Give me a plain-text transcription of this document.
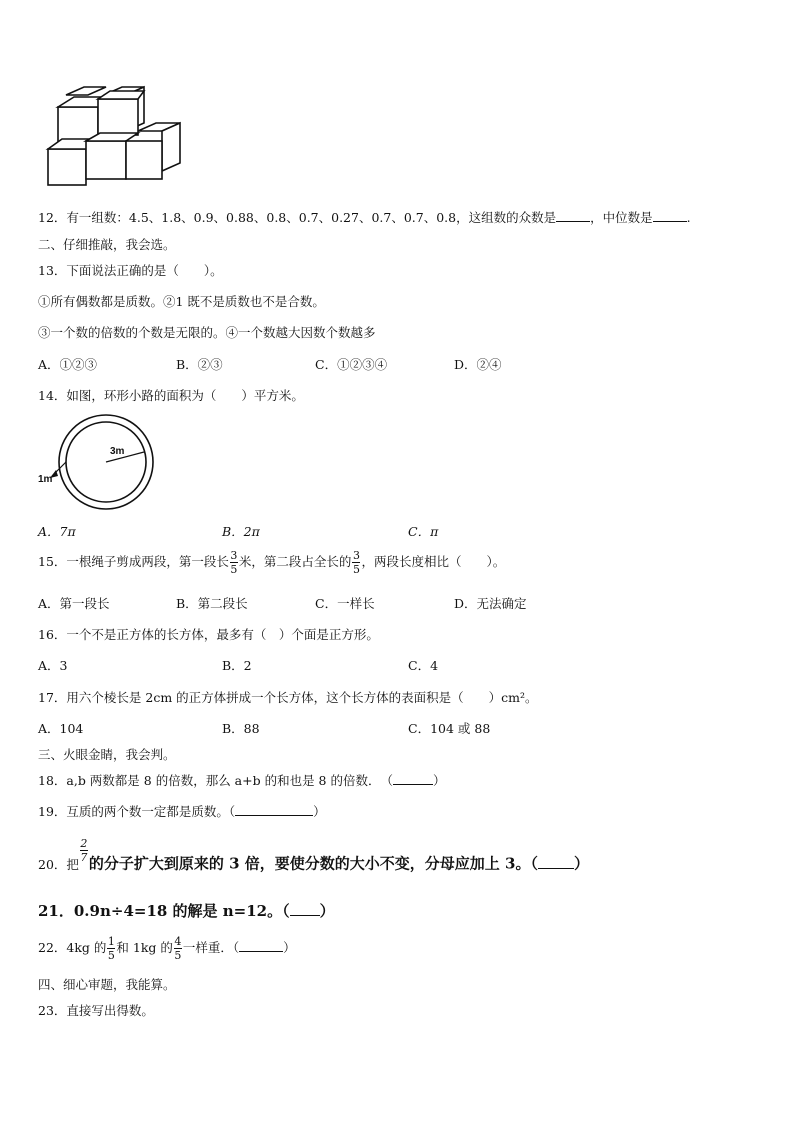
12．有一组数：4.5、1.8、0.9、0.88、0.8、0.7、0.27、0.7、0.7、0.8，这组数的众数是	，中位数是	.
二、仔细推敲，我会选。
13．下面说法正确的是（　　）。
①所有偶数都是质数。②1 既不是质数也不是合数。
③一个数的倍数的个数是无限的。④一个数越大因数个数越多
A．①②③	B．②③	C．①②③④	D．②④
14．如图，环形小路的面积为（　　）平方米。
3m
1m
A．7π	B．2π	C．π
15．一根绳子剪成两段，第一段长 $\frac{3}{5}$ 米，第二段占全长的 $\frac{3}{5}$ ，两段长度相比（　　）。
A．第一段长	B．第二段长	C．一样长	D．无法确定
16．一个不是正方体的长方体，最多有（　）个面是正方形。
A．3	B．2	C．4
17．用六个棱长是 2cm 的正方体拼成一个长方体，这个长方体的表面积是（　　）cm²。
A．104	B．88	C．104 或 88
三、火眼金睛，我会判。
18．a,b 两数都是 8 的倍数，那么 a+b 的和也是 8 的倍数．　（	）
19．互质的两个数一定都是质数。（	）
20．把
$\frac{2}{7}$
的分子扩大到原来的 3 倍，要使分数的大小不变，分母应加上 3。（ ）
21．0.9n÷4=18 的解是 n=12。（ ）
22．4kg 的 $\frac{1}{5}$ 和 1kg 的 $\frac{4}{5}$ 一样重．（	）
四、细心审题，我能算。
23．直接写出得数。
